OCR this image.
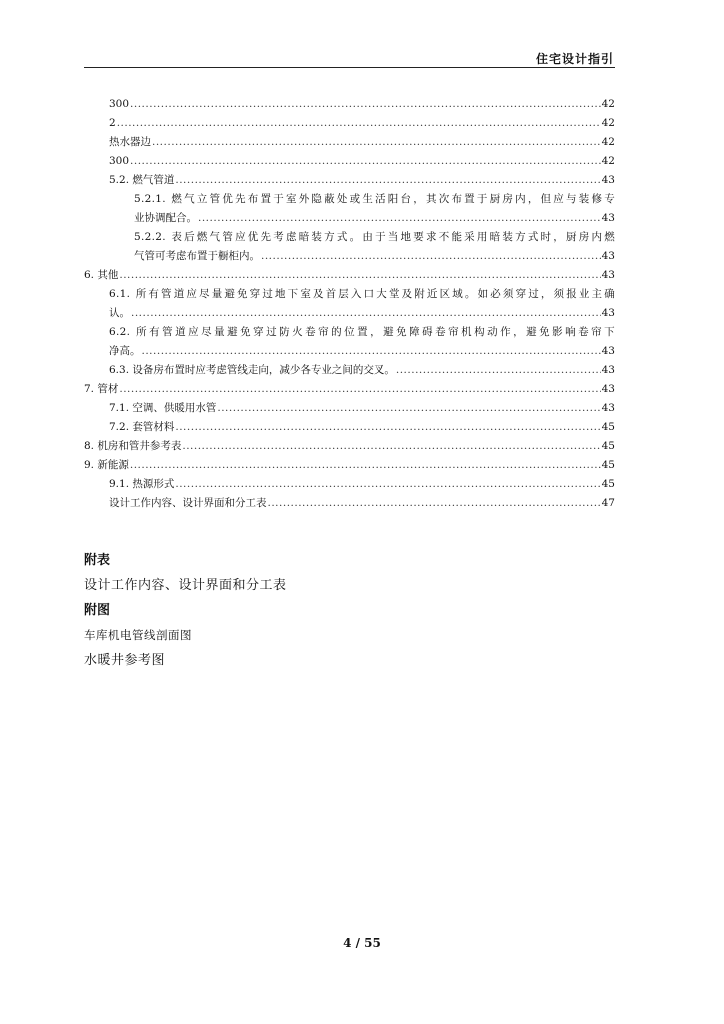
住宅设计指引
300 .....	42
2 .....	42
热水器边 .....	42
300 .....	42
5.2. 燃气管道 .....	43
5.2.1. 燃气立管优先布置于室外隐蔽处或生活阳台，其次布置于厨房内，但应与装修专
业协调配合。 .....	43
5.2.2. 表后燃气管应优先考虑暗装方式。由于当地要求不能采用暗装方式时，厨房内燃
气管可考虑布置于橱柜内。 .....	43
6. 其他 .....	43
6.1. 所有管道应尽量避免穿过地下室及首层入口大堂及附近区域。如必须穿过，须报业主确
认。 .....	43
6.2. 所有管道应尽量避免穿过防火卷帘的位置，避免障碍卷帘机构动作，避免影响卷帘下
净高。 .....	43
6.3. 设备房布置时应考虑管线走向，减少各专业之间的交叉。 .....	43
7. 管材 .....	43
7.1. 空调、供暖用水管 .....	43
7.2. 套管材料 .....	45
8. 机房和管井参考表 .....	45
9. 新能源 .....	45
9.1. 热源形式 .....	45
设计工作内容、设计界面和分工表 .....	47
附表
设计工作内容、设计界面和分工表
附图
车库机电管线剖面图
水暖井参考图
4 / 55
